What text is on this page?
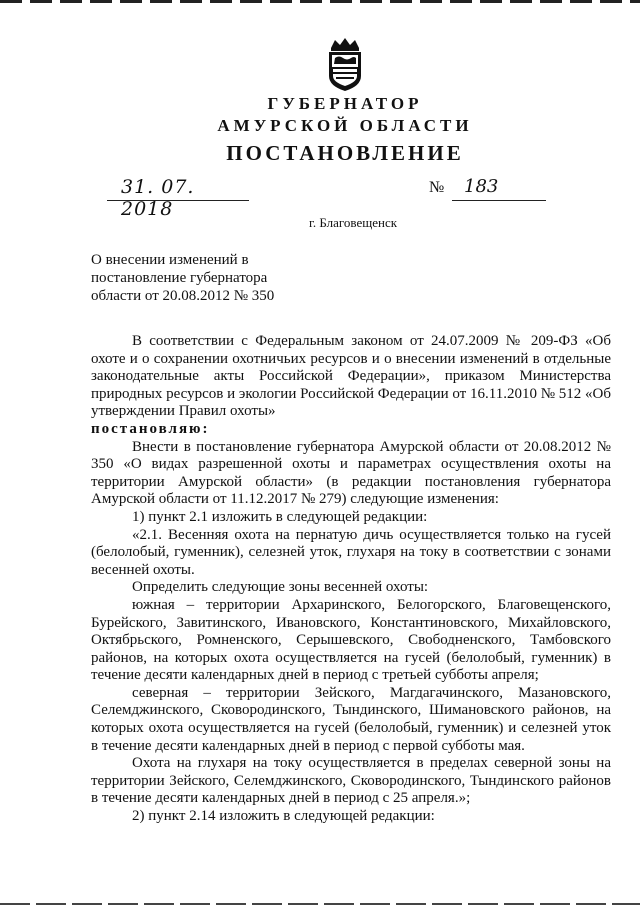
ГУБЕРНАТОР
АМУРСКОЙ ОБЛАСТИ
ПОСТАНОВЛЕНИЕ
31. 07. 2018
№ 183
г. Благовещенск
О внесении изменений в
постановление губернатора
области от 20.08.2012 № 350

В соответствии с Федеральным законом от 24.07.2009 № 209-ФЗ «Об охоте и о сохранении охотничьих ресурсов и о внесении изменений в отдельные законодательные акты Российской Федерации», приказом Министерства природных ресурсов и экологии Российской Федерации от 16.11.2010 № 512 «Об утверждении Правил охоты»

постановляю:

Внести в постановление губернатора Амурской области от 20.08.2012 № 350 «О видах разрешенной охоты и параметрах осуществления охоты на территории Амурской области» (в редакции постановления губернатора Амурской области от 11.12.2017 № 279) следующие изменения:

1) пункт 2.1 изложить в следующей редакции:

«2.1. Весенняя охота на пернатую дичь осуществляется только на гусей (белолобый, гуменник), селезней уток, глухаря на току в соответствии с зонами весенней охоты.

Определить следующие зоны весенней охоты:

южная – территории Архаринского, Белогорского, Благовещенского, Бурейского, Завитинского, Ивановского, Константиновского, Михайловского, Октябрьского, Ромненского, Серышевского, Свободненского, Тамбовского районов, на которых охота осуществляется на гусей (белолобый, гуменник) в течение десяти календарных дней в период с третьей субботы апреля;

северная – территории Зейского, Магдагачинского, Мазановского, Селемджинского, Сковородинского, Тындинского, Шимановского районов, на которых охота осуществляется на гусей (белолобый, гуменник) и селезней уток в течение десяти календарных дней в период с первой субботы мая.

Охота на глухаря на току осуществляется в пределах северной зоны на территории Зейского, Селемджинского, Сковородинского, Тындинского районов в течение десяти календарных дней в период с 25 апреля.»;

2) пункт 2.14 изложить в следующей редакции:
